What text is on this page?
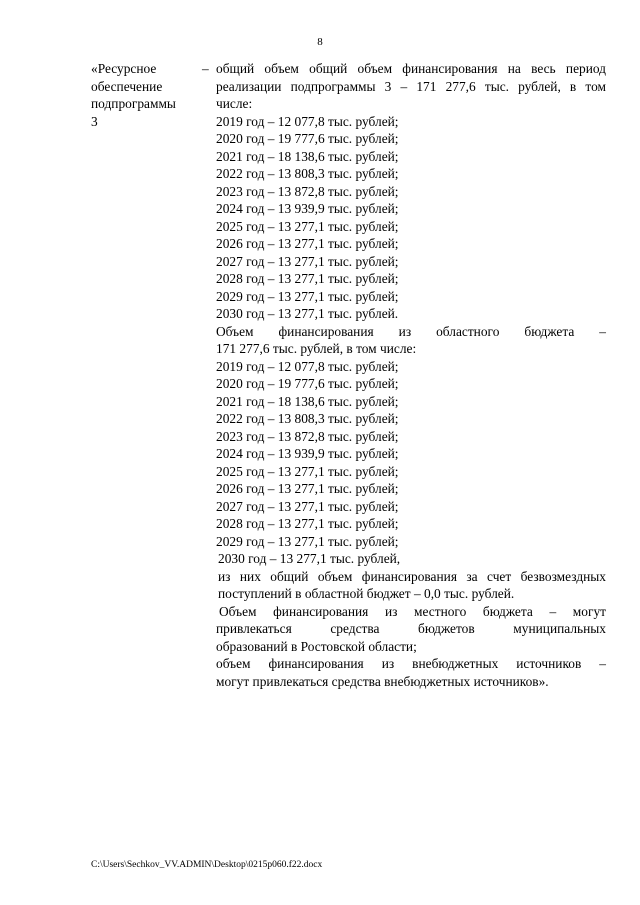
8
«Ресурсное
обеспечение
подпрограммы
3
– общий объем общий объем финансирования на весь период
реализации подпрограммы 3 – 171 277,6 тыс. рублей, в том
числе:
2019 год – 12 077,8 тыс. рублей;
2020 год – 19 777,6 тыс. рублей;
2021 год – 18 138,6 тыс. рублей;
2022 год – 13 808,3 тыс. рублей;
2023 год – 13 872,8 тыс. рублей;
2024 год – 13 939,9 тыс. рублей;
2025 год – 13 277,1 тыс. рублей;
2026 год – 13 277,1 тыс. рублей;
2027 год – 13 277,1 тыс. рублей;
2028 год – 13 277,1 тыс. рублей;
2029 год – 13 277,1 тыс. рублей;
2030 год – 13 277,1 тыс. рублей.
Объем финансирования из областного бюджета –
171 277,6 тыс. рублей, в том числе:
2019 год – 12 077,8 тыс. рублей;
2020 год – 19 777,6 тыс. рублей;
2021 год – 18 138,6 тыс. рублей;
2022 год – 13 808,3 тыс. рублей;
2023 год – 13 872,8 тыс. рублей;
2024 год – 13 939,9 тыс. рублей;
2025 год – 13 277,1 тыс. рублей;
2026 год – 13 277,1 тыс. рублей;
2027 год – 13 277,1 тыс. рублей;
2028 год – 13 277,1 тыс. рублей;
2029 год – 13 277,1 тыс. рублей;
2030 год – 13 277,1 тыс. рублей,
из них общий объем финансирования за счет безвозмездных
поступлений в областной бюджет – 0,0 тыс. рублей.
Объем финансирования из местного бюджета – могут
привлекаться средства бюджетов муниципальных
образований в Ростовской области;
объем финансирования из внебюджетных источников –
могут привлекаться средства внебюджетных источников».
C:\Users\Sechkov_VV.ADMIN\Desktop\0215p060.f22.docx
